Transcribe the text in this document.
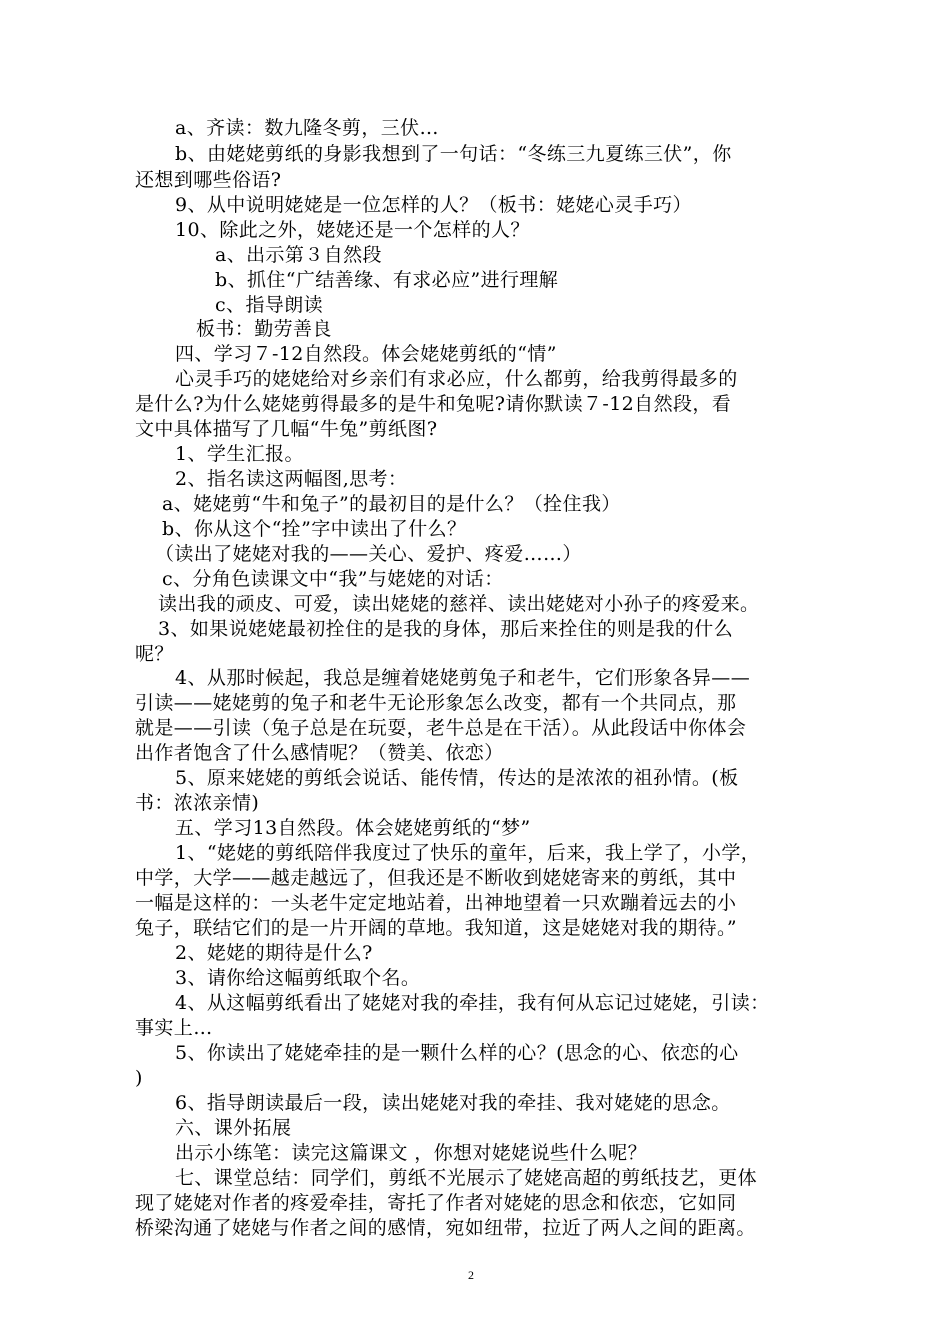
a、齐读：数九隆冬剪，三伏…
b、由姥姥剪纸的身影我想到了一句话：“冬练三九夏练三伏”，你
还想到哪些俗语?
9、从中说明姥姥是一位怎样的人？（板书：姥姥心灵手巧）
10、除此之外，姥姥还是一个怎样的人？
a、出示第３自然段
b、抓住“广结善缘、有求必应”进行理解
c、指导朗读
板书：勤劳善良
四、学习７-12自然段。体会姥姥剪纸的“情”
心灵手巧的姥姥给对乡亲们有求必应，什么都剪，给我剪得最多的
是什么?为什么姥姥剪得最多的是牛和兔呢?请你默读７-12自然段，看
文中具体描写了几幅“牛兔”剪纸图?
1、学生汇报。
2、指名读这两幅图,思考：
a、姥姥剪“牛和兔子”的最初目的是什么？（拴住我）
b、你从这个“拴”字中读出了什么？
（读出了姥姥对我的——关心、爱护、疼爱……）
c、分角色读课文中“我”与姥姥的对话：
读出我的顽皮、可爱，读出姥姥的慈祥、读出姥姥对小孙子的疼爱来。
3、如果说姥姥最初拴住的是我的身体，那后来拴住的则是我的什么
呢？
4、从那时候起，我总是缠着姥姥剪兔子和老牛，它们形象各异——
引读——姥姥剪的兔子和老牛无论形象怎么改变，都有一个共同点，那
就是——引读（兔子总是在玩耍，老牛总是在干活）。从此段话中你体会
出作者饱含了什么感情呢？（赞美、依恋）
5、原来姥姥的剪纸会说话、能传情，传达的是浓浓的祖孙情。(板
书：浓浓亲情)
五、学习13自然段。体会姥姥剪纸的“梦”
1、“姥姥的剪纸陪伴我度过了快乐的童年，后来，我上学了，小学，
中学，大学——越走越远了，但我还是不断收到姥姥寄来的剪纸，其中
一幅是这样的：一头老牛定定地站着，出神地望着一只欢蹦着远去的小
兔子，联结它们的是一片开阔的草地。我知道，这是姥姥对我的期待。”
2、姥姥的期待是什么?
3、请你给这幅剪纸取个名。
4、从这幅剪纸看出了姥姥对我的牵挂，我有何从忘记过姥姥，引读：
事实上…
5、你读出了姥姥牵挂的是一颗什么样的心？(思念的心、依恋的心
)
6、指导朗读最后一段，读出姥姥对我的牵挂、我对姥姥的思念。
六、课外拓展
出示小练笔：读完这篇课文 ，你想对姥姥说些什么呢？
七、课堂总结：同学们，剪纸不光展示了姥姥高超的剪纸技艺，更体
现了姥姥对作者的疼爱牵挂，寄托了作者对姥姥的思念和依恋，它如同
桥梁沟通了姥姥与作者之间的感情，宛如纽带，拉近了两人之间的距离。
2
